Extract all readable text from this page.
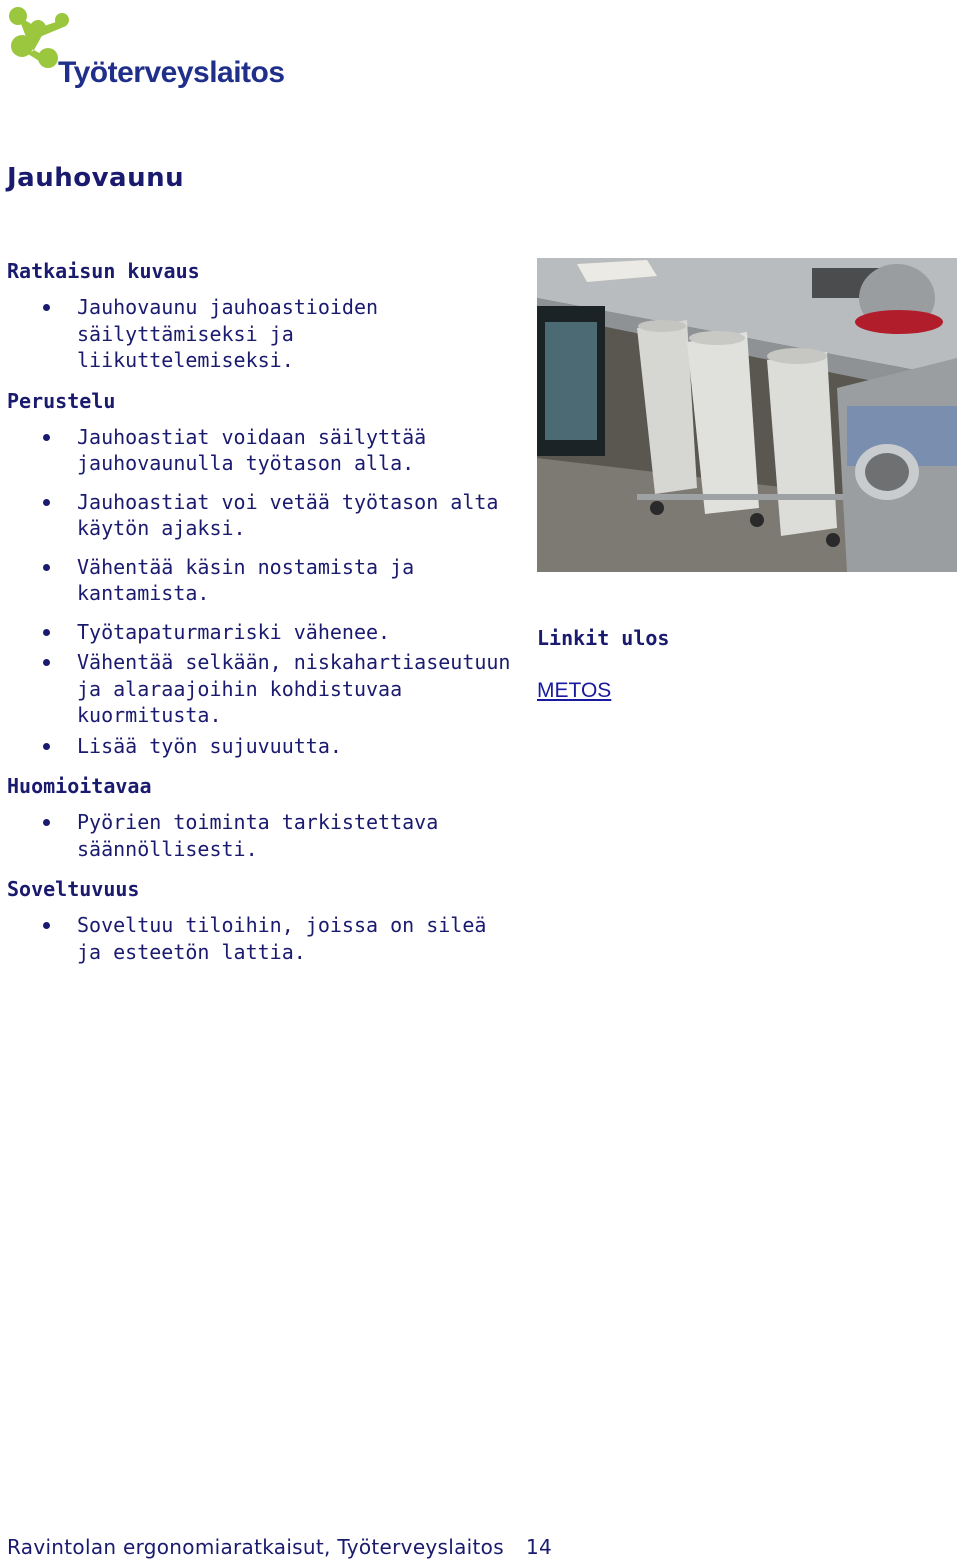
Työterveyslaitos
Jauhovaunu
Ratkaisun kuvaus
Jauhovaunu jauhoastioiden säilyttämiseksi ja liikuttelemiseksi.
Perustelu
Jauhoastiat voidaan säilyttää jauhovaunulla työtason alla.
Jauhoastiat voi vetää työtason alta käytön ajaksi.
Vähentää käsin nostamista ja kantamista.
Työtapaturmariski vähenee.
Vähentää selkään, niskahartiaseutuun ja alaraajoihin kohdistuvaa kuormitusta.
Lisää työn sujuvuutta.
Huomioitavaa
Pyörien toiminta tarkistettava säännöllisesti.
Soveltuvuus
Soveltuu tiloihin, joissa on sileä ja esteetön lattia.
Linkit ulos
METOS
Ravintolan ergonomiaratkaisut, Työterveyslaitos 14
